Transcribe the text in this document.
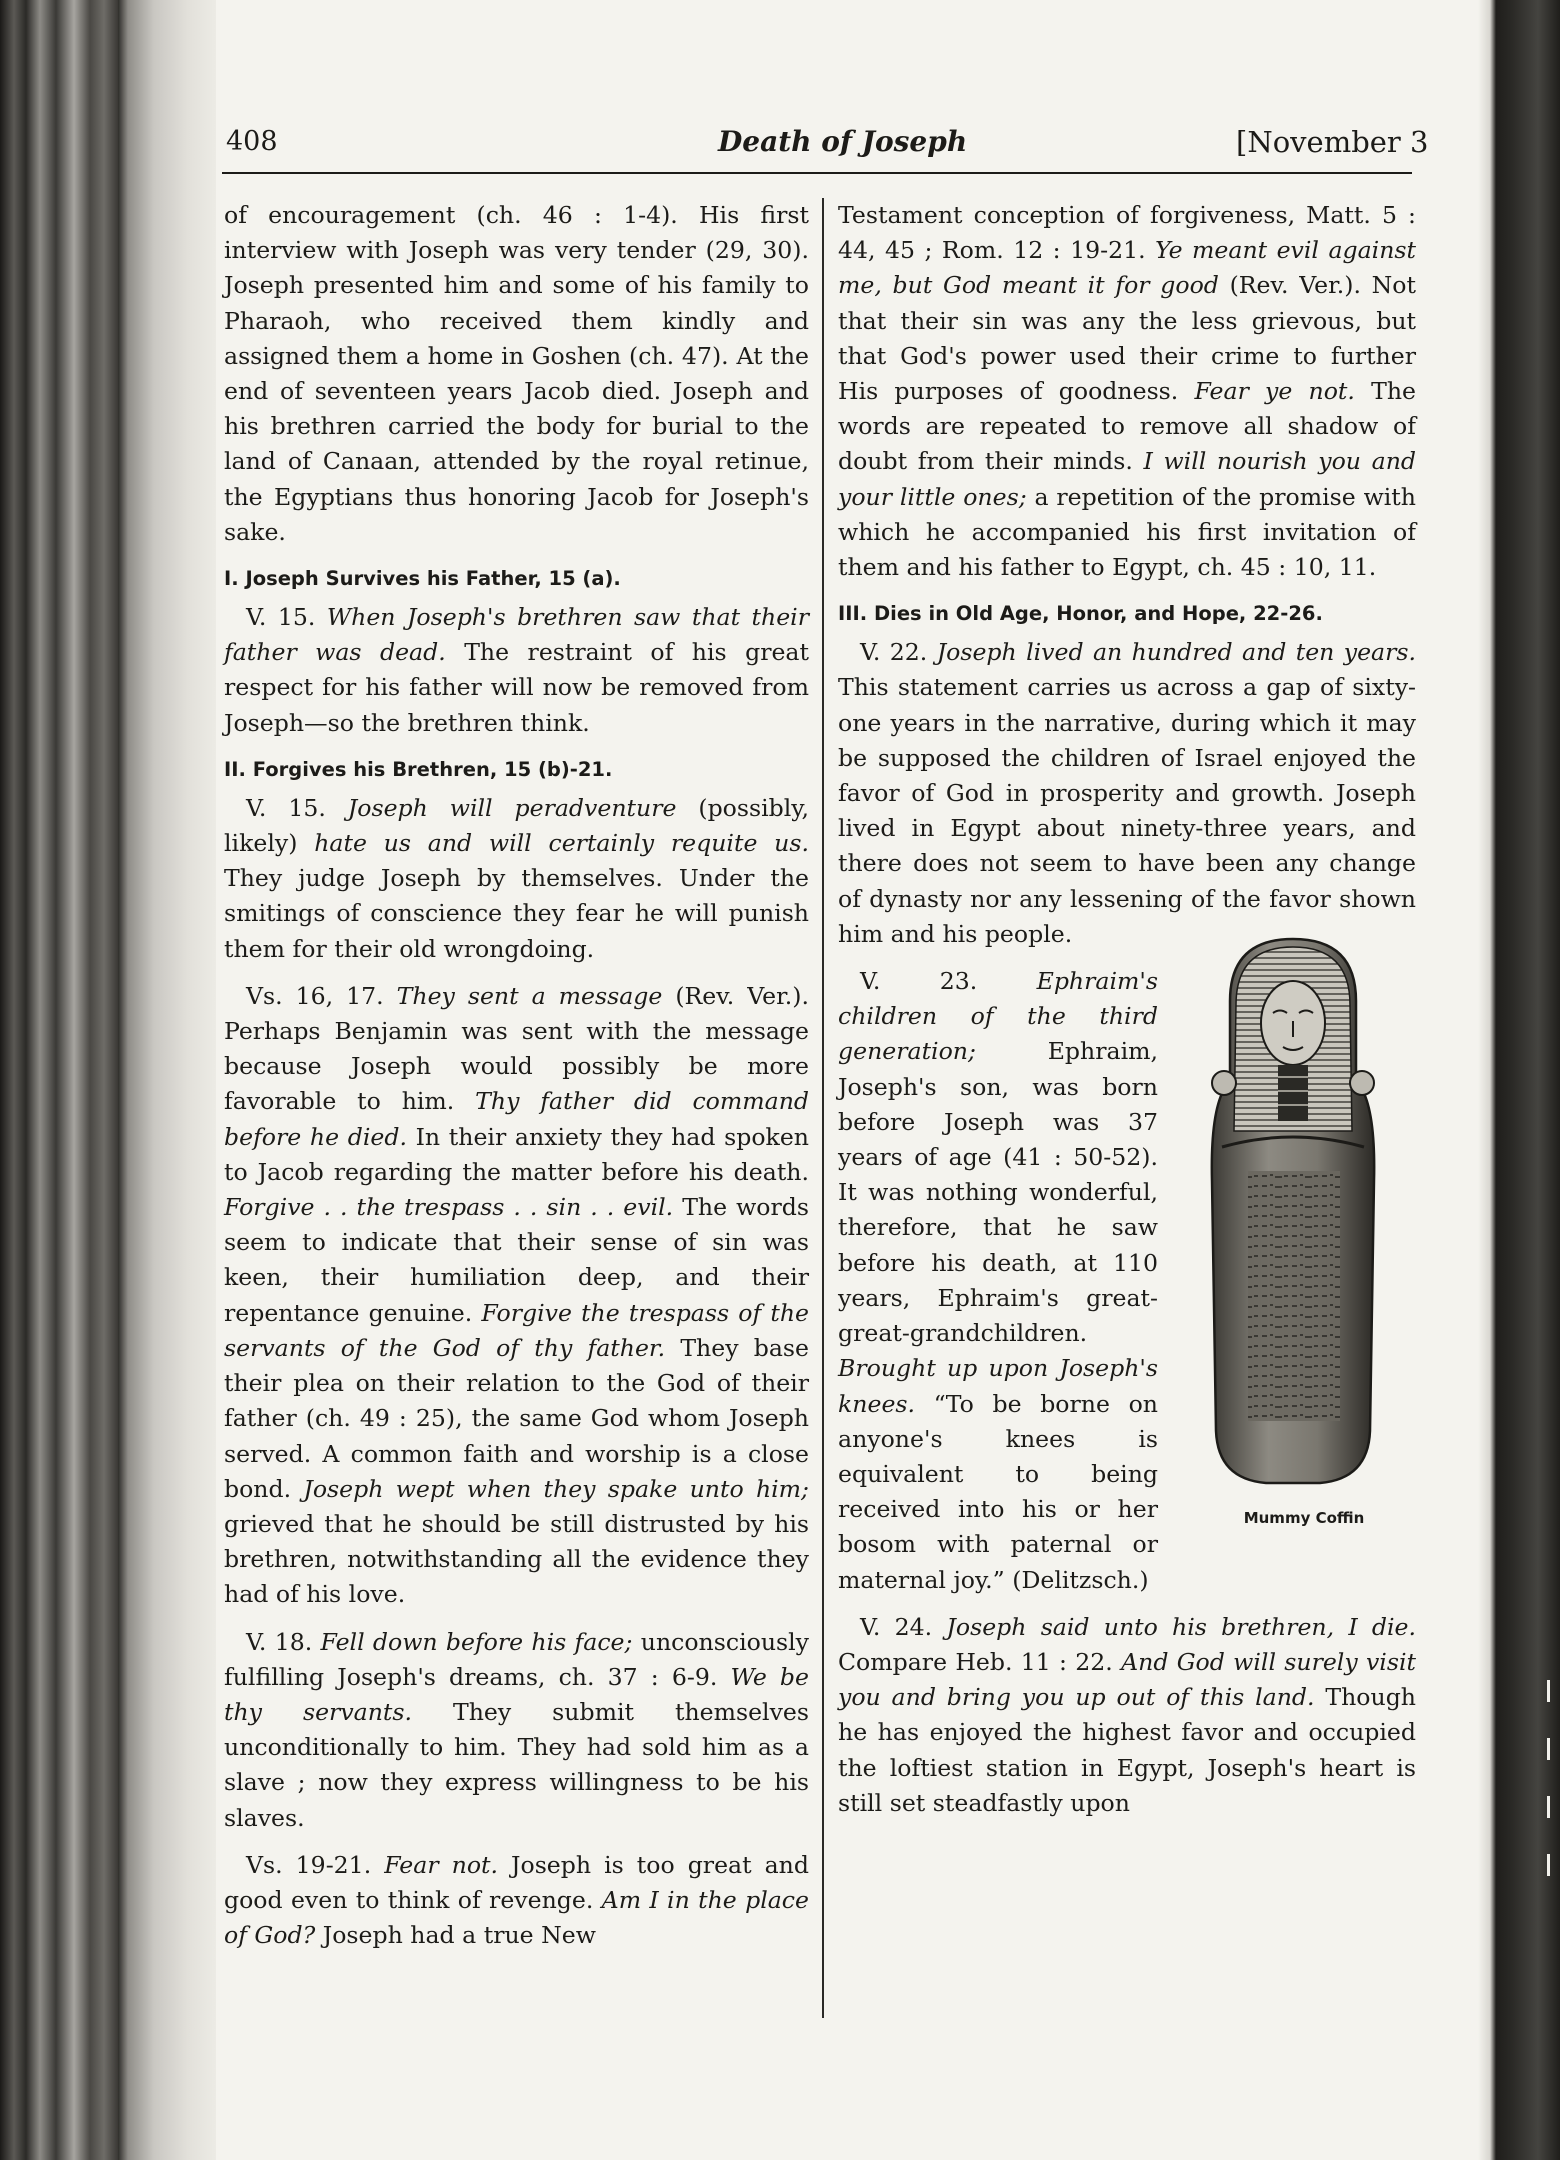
408	Death of Joseph	[November 3

of encouragement (ch. 46 : 1-4). His first interview with Joseph was very tender (29, 30). Joseph presented him and some of his family to Pharaoh, who received them kindly and assigned them a home in Goshen (ch. 47). At the end of seventeen years Jacob died. Joseph and his brethren carried the body for burial to the land of Canaan, attended by the royal retinue, the Egyptians thus honoring Jacob for Joseph's sake.

I. Joseph Survives his Father, 15 (a).

V. 15. When Joseph's brethren saw that their father was dead. The restraint of his great respect for his father will now be removed from Joseph—so the brethren think.

II. Forgives his Brethren, 15 (b)-21.

V. 15. Joseph will peradventure (possibly, likely) hate us and will certainly requite us. They judge Joseph by themselves. Under the smitings of conscience they fear he will punish them for their old wrongdoing.

Vs. 16, 17. They sent a message (Rev. Ver.). Perhaps Benjamin was sent with the message because Joseph would possibly be more favorable to him. Thy father did command before he died. In their anxiety they had spoken to Jacob regarding the matter before his death. Forgive . . the trespass . . sin . . evil. The words seem to indicate that their sense of sin was keen, their humiliation deep, and their repentance genuine. Forgive the trespass of the servants of the God of thy father. They base their plea on their relation to the God of their father (ch. 49 : 25), the same God whom Joseph served. A common faith and worship is a close bond. Joseph wept when they spake unto him; grieved that he should be still distrusted by his brethren, notwithstanding all the evidence they had of his love.

V. 18. Fell down before his face; unconsciously fulfilling Joseph's dreams, ch. 37 : 6-9. We be thy servants. They submit themselves unconditionally to him. They had sold him as a slave ; now they express willingness to be his slaves.

Vs. 19-21. Fear not. Joseph is too great and good even to think of revenge. Am I in the place of God? Joseph had a true New

Testament conception of forgiveness, Matt. 5 : 44, 45 ; Rom. 12 : 19-21. Ye meant evil against me, but God meant it for good (Rev. Ver.). Not that their sin was any the less grievous, but that God's power used their crime to further His purposes of goodness. Fear ye not. The words are repeated to remove all shadow of doubt from their minds. I will nourish you and your little ones; a repetition of the promise with which he accompanied his first invitation of them and his father to Egypt, ch. 45 : 10, 11.

III. Dies in Old Age, Honor, and Hope, 22-26.

V. 22. Joseph lived an hundred and ten years. This statement carries us across a gap of sixty-one years in the narrative, during which it may be supposed the children of Israel enjoyed the favor of God in prosperity and growth. Joseph lived in Egypt about ninety-three years, and there does not seem to have been any change of dynasty nor any lessening of the favor shown him and his people.
Mummy Coffin

V. 23. Ephraim's children of the third generation; Ephraim, Joseph's son, was born before Joseph was 37 years of age (41 : 50-52). It was nothing wonderful, therefore, that he saw before his death, at 110 years, Ephraim's great-great-grandchildren. Brought up upon Joseph's knees. “To be borne on anyone's knees is equivalent to being received into his or her bosom with paternal or maternal joy.” (Delitzsch.)

V. 24. Joseph said unto his brethren, I die. Compare Heb. 11 : 22. And God will surely visit you and bring you up out of this land. Though he has enjoyed the highest favor and occupied the loftiest station in Egypt, Joseph's heart is still set steadfastly upon
